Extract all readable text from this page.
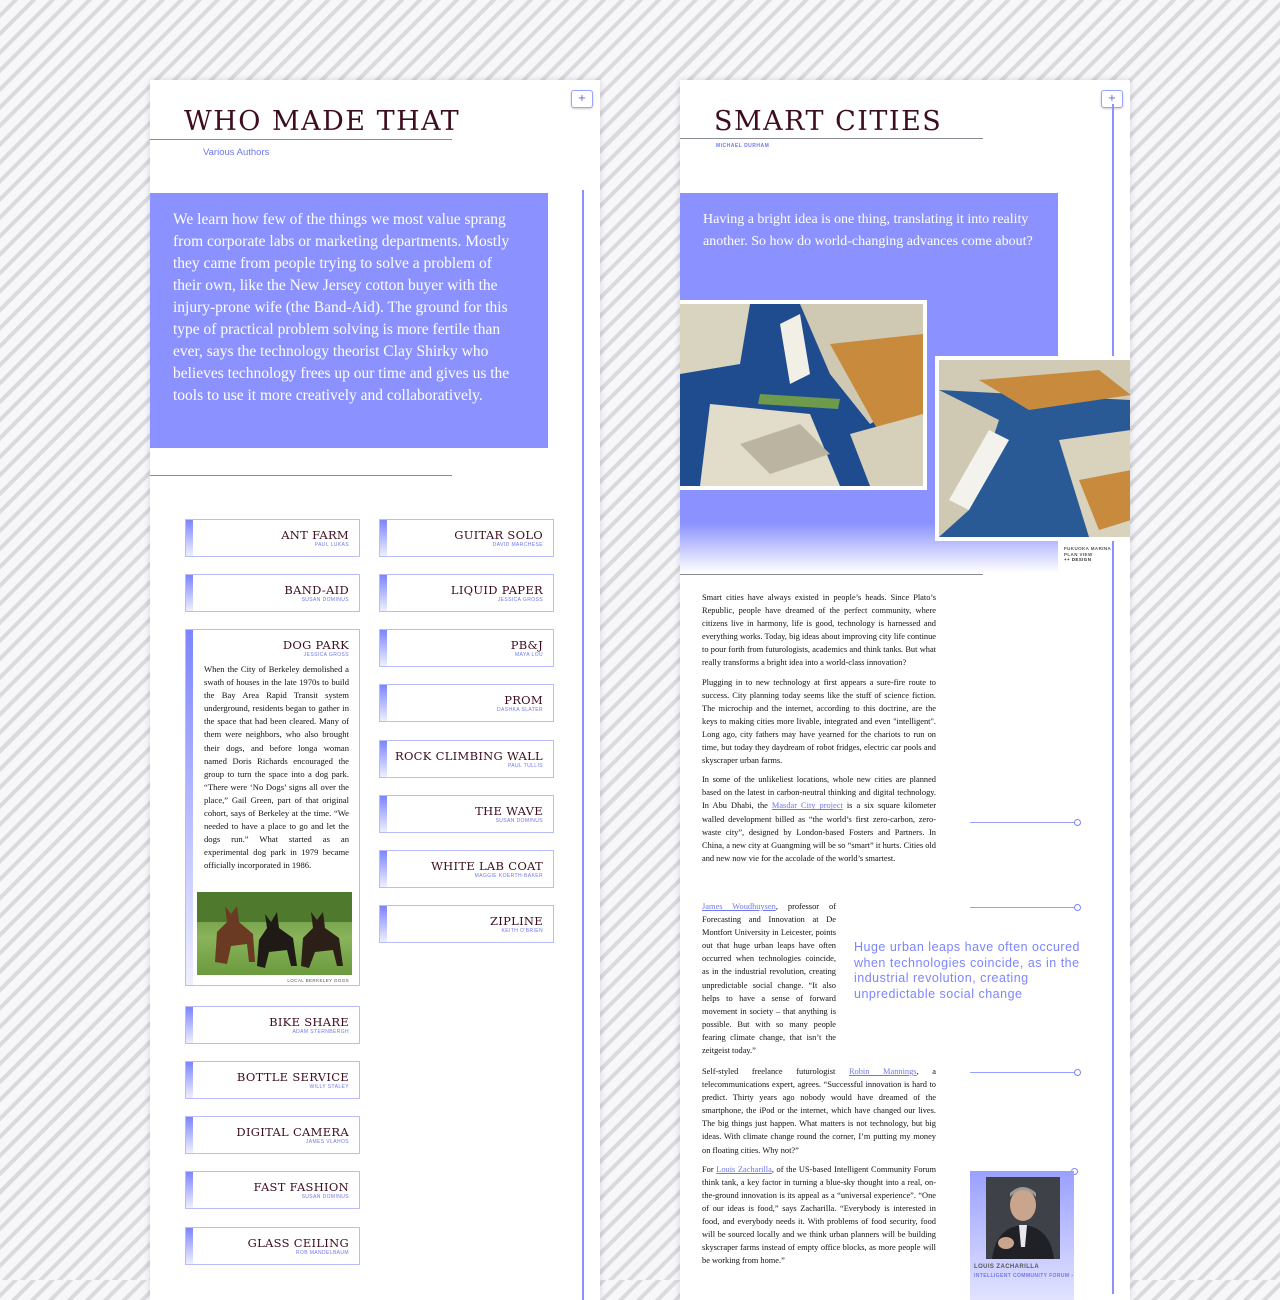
+
WHO MADE THAT
Various Authors
We learn how few of the things we most value sprang from corporate labs or marketing departments. Mostly they came from people trying to solve a problem of their own, like the New Jersey cotton buyer with the injury-prone wife (the Band-Aid). The ground for this type of practical problem solving is more fertile than ever, says the technology theorist Clay Shirky who believes technology frees up our time and gives us the tools to use it more creatively and collaboratively.
ANT FARM
PAUL LUKAS
BAND-AID
SUSAN DOMINUS
DOG PARK
JESSICA GROSS
When the City of Berkeley demolished a swath of houses in the late 1970s to build the Bay Area Rapid Transit system underground, residents began to gather in the space that had been cleared. Many of them were neighbors, who also brought their dogs, and before longa woman named Doris Richards encouraged the group to turn the space into a dog park. “There were ‘No Dogs’ signs all over the place,” Gail Green, part of that original cohort, says of Berkeley at the time. “We needed to have a place to go and let the dogs run.” What started as an experimental dog park in 1979 became officially incorporated in 1986.
LOCAL BERKELEY DOGS
BIKE SHARE
ADAM STERNBERGH
BOTTLE SERVICE
WILLY STALEY
DIGITAL CAMERA
JAMES VLAHOS
FAST FASHION
SUSAN DOMINUS
GLASS CEILING
ROB MANDELBAUM
GUITAR SOLO
DAVID MARCHESE
LIQUID PAPER
JESSICA GROSS
PB&J
MAYA LOU
PROM
DASHKA SLATER
ROCK CLIMBING WALL
PAUL TULLIS
THE WAVE
SUSAN DOMINUS
WHITE LAB COAT
MAGGIE KOERTH-BAKER
ZIPLINE
KEITH O'BRIEN
+
SMART CITIES
MICHAEL DURHAM
Having a bright idea is one thing, translating it into reality another. So how do world-changing advances come about?
FUKUOKA MARINA
PLAN VIEW
++ DESIGN

Smart cities have always existed in people’s heads. Since Plato’s Republic, people have dreamed of the perfect community, where citizens live in harmony, life is good, technology is harnessed and everything works. Today, big ideas about improving city life continue to pour forth from futurologists, academics and think tanks. But what really transforms a bright idea into a world-class innovation?

Plugging in to new technology at first appears a sure-fire route to success. City planning today seems like the stuff of science fiction. The microchip and the internet, according to this doctrine, are the keys to making cities more livable, integrated and even "intelligent". Long ago, city fathers may have yearned for the chariots to run on time, but today they daydream of robot fridges, electric car pools and skyscraper urban farms.

In some of the unlikeliest locations, whole new cities are planned based on the latest in carbon-neutral thinking and digital technology. In Abu Dhabi, the Masdar City project is a six square kilometer walled development billed as “the world’s first zero-carbon, zero-waste city”, designed by London-based Fosters and Partners. In China, a new city at Guangming will be so “smart” it hurts. Cities old and new now vie for the accolade of the world’s smartest.

James Woudhuysen, professor of Forecasting and Innovation at De Montfort University in Leicester, points out that huge urban leaps have often occurred when technologies coincide, as in the industrial revolution, creating unpredictable social change. “It also helps to have a sense of forward movement in society – that anything is possible. But with so many people fearing climate change, that isn’t the zeitgeist today.”

Huge urban leaps have often occured when technologies coincide, as in the industrial revolution, creating unpredictable social change

Self-styled freelance futurologist Robin Mannings, a telecommunications expert, agrees. “Successful innovation is hard to predict. Thirty years ago nobody would have dreamed of the smartphone, the iPod or the internet, which have changed our lives. The big things just happen. What matters is not technology, but big ideas. With climate change round the corner, I’m putting my money on floating cities. Why not?”

For Louis Zacharilla, of the US-based Intelligent Community Forum think tank, a key factor in turning a blue-sky thought into a real, on-the-ground innovation is its appeal as a “universal experience”. “One of our ideas is food,” says Zacharilla. “Everybody is interested in food, and everybody needs it. With problems of food security, food will be sourced locally and we think urban planners will be building skyscraper farms instead of empty office blocks, as more people will be working from home.”

LOUIS ZACHARILLA
INTELLIGENT COMMUNITY FORUM ›
